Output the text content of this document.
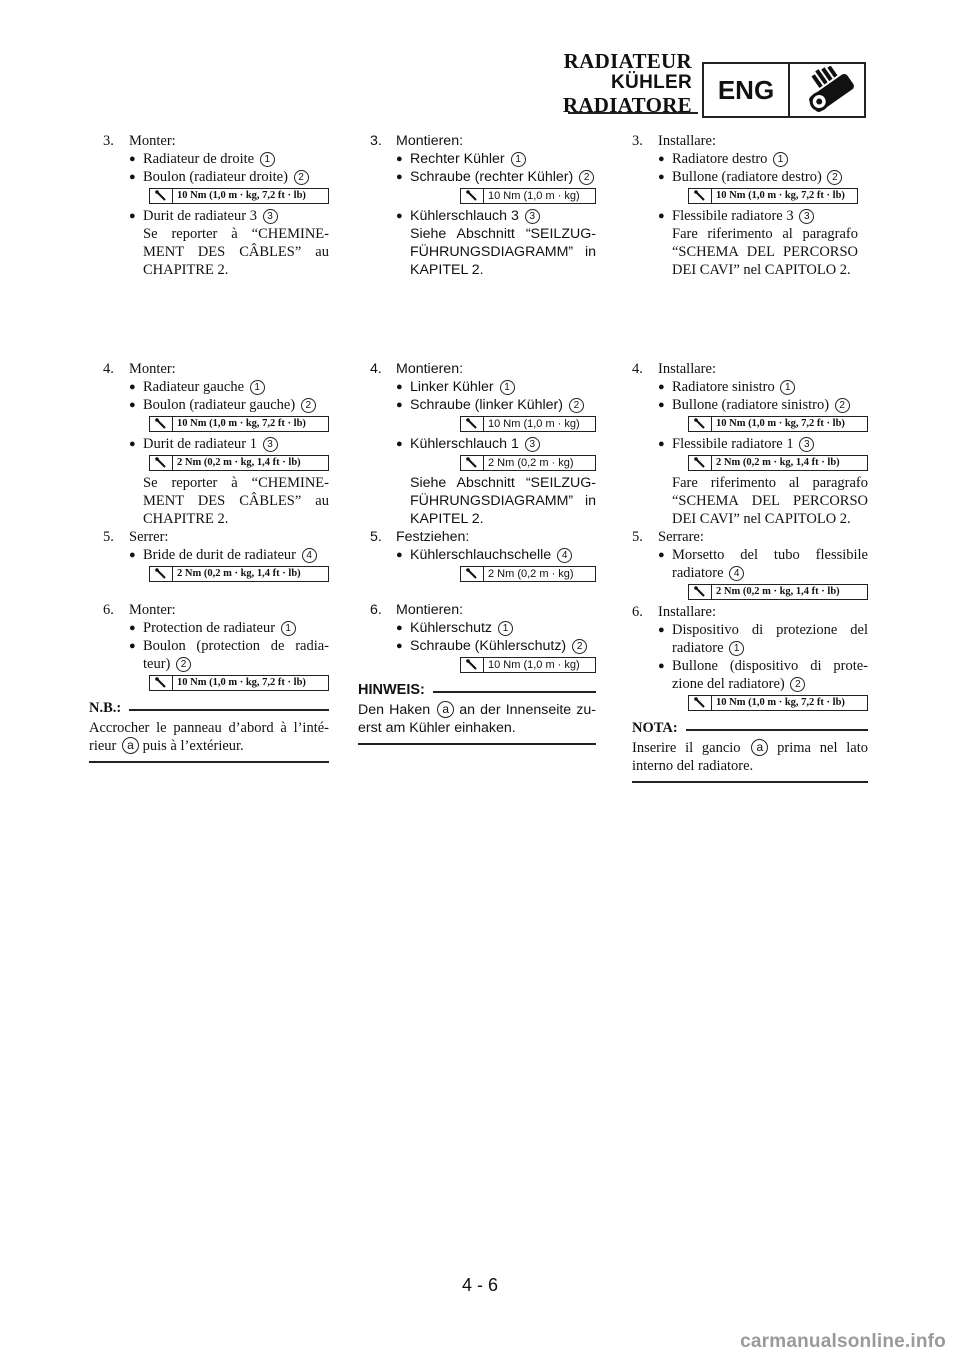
RADIATEUR
KÜHLER
RADIATORE
ENG
3.	Monter:
● Radiateur de droite 1
● Boulon (radiateur droite) 2
10 Nm (1,0 m · kg, 7,2 ft · lb)
● Durit de radiateur 3 3
Se reporter à “CHEMINE-MENT DES CÂBLES” au CHAPITRE 2.
4.	Monter:
● Radiateur gauche 1
● Boulon (radiateur gauche) 2
10 Nm (1,0 m · kg, 7,2 ft · lb)
● Durit de radiateur 1 3
2 Nm (0,2 m · kg, 1,4 ft · lb)
Se reporter à “CHEMINE-MENT DES CÂBLES” au CHAPITRE 2.
5.	Serrer:
● Bride de durit de radiateur 4
2 Nm (0,2 m · kg, 1,4 ft · lb)
6.	Monter:
● Protection de radiateur 1
● Boulon (protection de radia-teur) 2
10 Nm (1,0 m · kg, 7,2 ft · lb)
N.B.:
Accrocher le panneau d’abord à l’inté-rieur a puis à l’extérieur.
3. Montieren:
● Rechter Kühler 1
● Schraube (rechter Kühler) 2
10 Nm (1,0 m · kg)
● Kühlerschlauch 3 3
Siehe Abschnitt “SEILZUG-FÜHRUNGSDIAGRAMM” in KAPITEL 2.
4. Montieren:
● Linker Kühler 1
● Schraube (linker Kühler) 2
10 Nm (1,0 m · kg)
● Kühlerschlauch 1 3
2 Nm (0,2 m · kg)
Siehe Abschnitt “SEILZUG-FÜHRUNGSDIAGRAMM” in KAPITEL 2.
5. Festziehen:
● Kühlerschlauchschelle 4
2 Nm (0,2 m · kg)
6. Montieren:
● Kühlerschutz 1
● Schraube (Kühlerschutz) 2
10 Nm (1,0 m · kg)
HINWEIS:
Den Haken a an der Innenseite zu-erst am Kühler einhaken.
3.	Installare:
● Radiatore destro 1
● Bullone (radiatore destro) 2
10 Nm (1,0 m · kg, 7,2 ft · lb)
● Flessibile radiatore 3 3
Fare riferimento al paragrafo “SCHEMA DEL PERCORSO DEI CAVI” nel CAPITOLO 2.
4.	Installare:
● Radiatore sinistro 1
● Bullone (radiatore sinistro) 2
10 Nm (1,0 m · kg, 7,2 ft · lb)
● Flessibile radiatore 1 3
2 Nm (0,2 m · kg, 1,4 ft · lb)
Fare riferimento al paragrafo “SCHEMA DEL PERCORSO DEI CAVI” nel CAPITOLO 2.
5.	Serrare:
● Morsetto del tubo flessibile radiatore 4
2 Nm (0,2 m · kg, 1,4 ft · lb)
6.	Installare:
● Dispositivo di protezione del radiatore 1
● Bullone (dispositivo di prote-zione del radiatore) 2
10 Nm (1,0 m · kg, 7,2 ft · lb)
NOTA:
Inserire il gancio a prima nel lato interno del radiatore.
4 - 6
carmanualsonline.info
